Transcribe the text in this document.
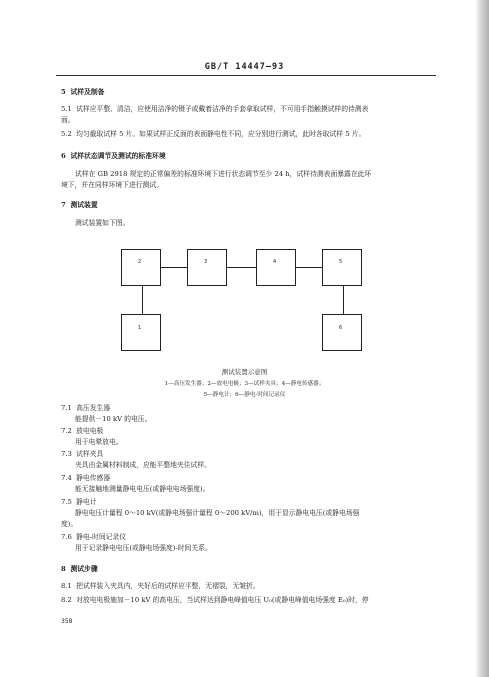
GB/T 14447—93
5 试样及制备
5.1 试样应平整、清洁，应使用洁净的镊子或戴着洁净的手套拿取试样，不可用手指触摸试样的待测表
面。
5.2 均匀截取试样 5 片。如果试样正反面的表面静电性不同，应分别进行测试，此时各取试样 5 片。
6 试样状态调节及测试的标准环境
试样在 GB 2918 规定的正常偏差的标准环境下进行状态调节至少 24 h，试样待测表面暴露在此环
境下，并在同样环境下进行测试。
7 测试装置
测试装置如下图。
2	3	4	5
1	6
测试装置示意图
1—高压发生器；2—放电电极；3—试样夹具；4—静电传感器；
5—静电计；6—静电-时间记录仪
7.1 高压发生器
能提供－10 kV 的电压。
7.2 放电电极
用于电晕放电。
7.3 试样夹具
夹具由金属材料制成，应能平整地夹住试样。
7.4 静电传感器
能无接触地测量静电电压(或静电电场强度)。
7.5 静电计
静电电压计量程 0～10 kV(或静电场强计量程 0～200 kV/m)，用于显示静电电压(或静电场强
度)。
7.6 静电-时间记录仪
用于记录静电电压(或静电场强度)-时间关系。
8 测试步骤
8.1 把试样装入夹具内，夹好后的试样应平整，无褶裂，无皱折。
8.2 对放电电极施加－10 kV 的高电压，当试样达到静电峰值电压 U₀(或静电峰值电场强度 E₀)时，停
358
